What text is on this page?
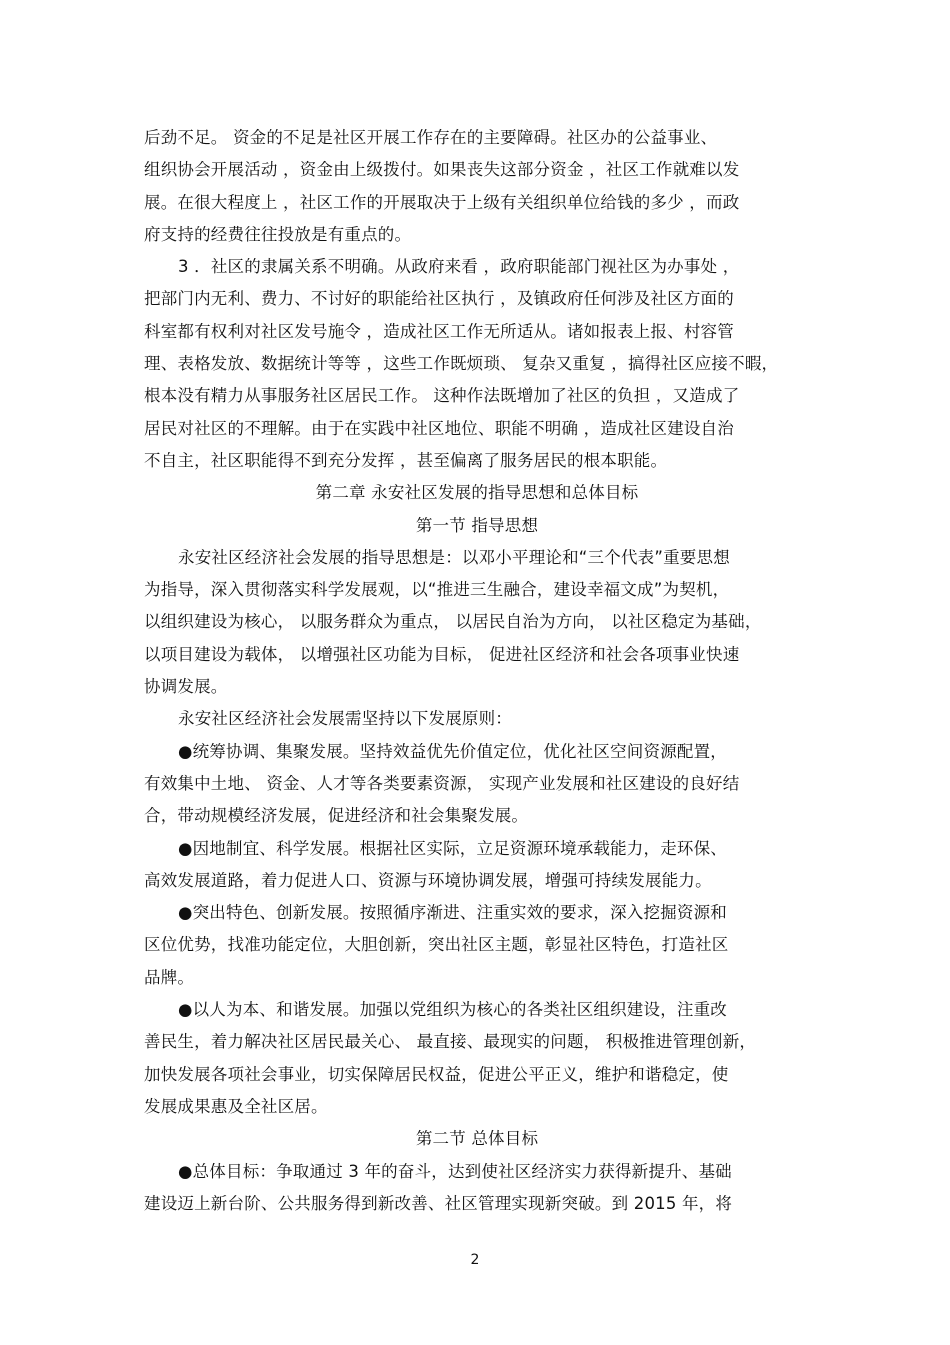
后劲不足。 资金的不足是社区开展工作存在的主要障碍。社区办的公益事业、
组织协会开展活动 ，资金由上级拨付。如果丧失这部分资金 ，社区工作就难以发
展。在很大程度上 ，社区工作的开展取决于上级有关组织单位给钱的多少 ，而政
府支持的经费往往投放是有重点的。
3 ．社区的隶属关系不明确。从政府来看 ，政府职能部门视社区为办事处 ，
把部门内无利、费力、不讨好的职能给社区执行 ，及镇政府任何涉及社区方面的
科室都有权利对社区发号施令 ，造成社区工作无所适从。诸如报表上报、村容管
理、表格发放、数据统计等等 ，这些工作既烦琐、 复杂又重复 ，搞得社区应接不暇，
根本没有精力从事服务社区居民工作。 这种作法既增加了社区的负担 ，又造成了
居民对社区的不理解。由于在实践中社区地位、职能不明确 ，造成社区建设自治
不自主，社区职能得不到充分发挥 ，甚至偏离了服务居民的根本职能。
第二章 永安社区发展的指导思想和总体目标
第一节 指导思想
永安社区经济社会发展的指导思想是：以邓小平理论和“三个代表”重要思想
为指导，深入贯彻落实科学发展观，以“推进三生融合，建设幸福文成”为契机，
以组织建设为核心， 以服务群众为重点， 以居民自治为方向， 以社区稳定为基础，
以项目建设为载体， 以增强社区功能为目标， 促进社区经济和社会各项事业快速
协调发展。
永安社区经济社会发展需坚持以下发展原则：
●统筹协调、集聚发展。坚持效益优先价值定位，优化社区空间资源配置，
有效集中土地、 资金、人才等各类要素资源， 实现产业发展和社区建设的良好结
合，带动规模经济发展，促进经济和社会集聚发展。
●因地制宜、科学发展。根据社区实际，立足资源环境承载能力，走环保、
高效发展道路，着力促进人口、资源与环境协调发展，增强可持续发展能力。
●突出特色、创新发展。按照循序渐进、注重实效的要求，深入挖掘资源和
区位优势，找准功能定位，大胆创新，突出社区主题，彰显社区特色，打造社区
品牌。
●以人为本、和谐发展。加强以党组织为核心的各类社区组织建设，注重改
善民生，着力解决社区居民最关心、 最直接、最现实的问题， 积极推进管理创新，
加快发展各项社会事业，切实保障居民权益，促进公平正义，维护和谐稳定，使
发展成果惠及全社区居。
第二节 总体目标
●总体目标：争取通过 3 年的奋斗，达到使社区经济实力获得新提升、基础
建设迈上新台阶、公共服务得到新改善、社区管理实现新突破。到 2015 年，将
2
